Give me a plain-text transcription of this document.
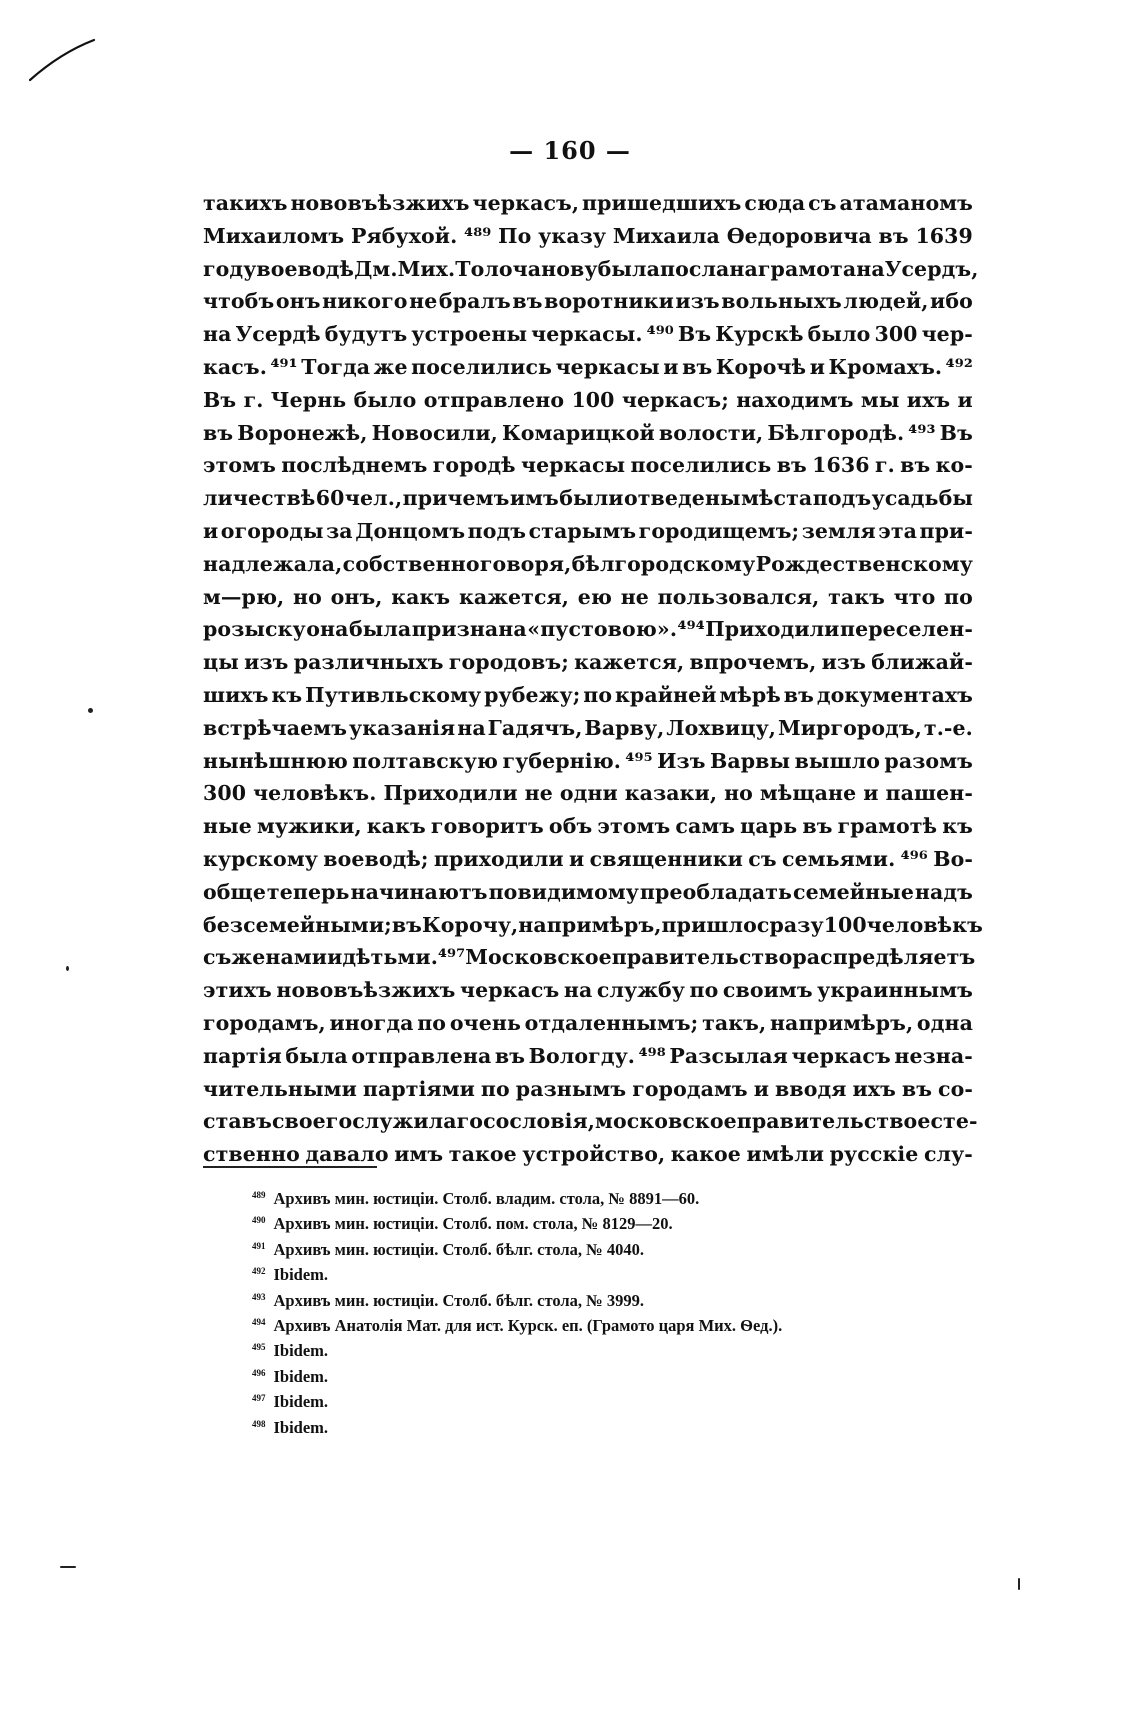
— 160 —
такихъ нововъѣзжихъ черкасъ, пришедшихъ сюда съ атаманомъ
Михаиломъ Рябухой. ⁴⁸⁹ По указу Михаила Ѳедоровича въ 1639
году воеводѣ Дм. Мих. Толочанову была послана грамота на Усердъ,
чтобъ онъ никого не бралъ въ воротники изъ вольныхъ людей, ибо
на Усердѣ будутъ устроены черкасы. ⁴⁹⁰ Въ Курскѣ было 300 чер-
касъ. ⁴⁹¹ Тогда же поселились черкасы и въ Корочѣ и Кромахъ. ⁴⁹²
Въ г. Чернь было отправлено 100 черкасъ; находимъ мы ихъ и
въ Воронежѣ, Новосили, Комарицкой волости, Бѣлгородѣ. ⁴⁹³ Въ
этомъ послѣднемъ городѣ черкасы поселились въ 1636 г. въ ко-
личествѣ 60 чел., причемъ имъ были отведены мѣста подъ усадьбы
и огороды за Донцомъ подъ старымъ городищемъ; земля эта при-
надлежала, собственно говоря, бѣлгородскому Рождественскому
м—рю, но онъ, какъ кажется, ею не пользовался, такъ что по
розыску она была признана «пустовою». ⁴⁹⁴ Приходили переселен-
цы изъ различныхъ городовъ; кажется, впрочемъ, изъ ближай-
шихъ къ Путивльскому рубежу; по крайней мѣрѣ въ документахъ
встрѣчаемъ указанія на Гадячъ, Варву, Лохвицу, Миргородъ, т.-е.
нынѣшнюю полтавскую губернію. ⁴⁹⁵ Изъ Варвы вышло разомъ
300 человѣкъ. Приходили не одни казаки, но мѣщане и пашен-
ные мужики, какъ говоритъ объ этомъ самъ царь въ грамотѣ къ
курскому воеводѣ; приходили и священники съ семьями. ⁴⁹⁶ Во-
обще теперь начинаютъ повидимому преобладать семейные надъ
безсемейными; въ Корочу, напримѣръ, пришло сразу 100 человѣкъ
съ женами и дѣтьми. ⁴⁹⁷ Московское правительство распредѣляетъ
этихъ нововъѣзжихъ черкасъ на службу по своимъ украиннымъ
городамъ, иногда по очень отдаленнымъ; такъ, напримѣръ, одна
партія была отправлена въ Вологду. ⁴⁹⁸ Разсылая черкасъ незна-
чительными партіями по разнымъ городамъ и вводя ихъ въ со-
ставъ своего служилаго сословія, московское правительство есте-
ственно давало имъ такое устройство, какое имѣли русскіе слу-
$^{489}$ Архивъ мин. юстиціи. Столб. владим. стола, № 8891—60.
$^{490}$ Архивъ мин. юстиціи. Столб. пом. стола, № 8129—20.
$^{491}$ Архивъ мин. юстиціи. Столб. бѣлг. стола, № 4040.
$^{492}$ Ibidem.
$^{493}$ Архивъ мин. юстиціи. Столб. бѣлг. стола, № 3999.
$^{494}$ Архивъ Анатолія Мат. для ист. Курск. еп. (Грамото царя Мих. Ѳед.).
$^{495}$ Ibidem.
$^{496}$ Ibidem.
$^{497}$ Ibidem.
$^{498}$ Ibidem.
